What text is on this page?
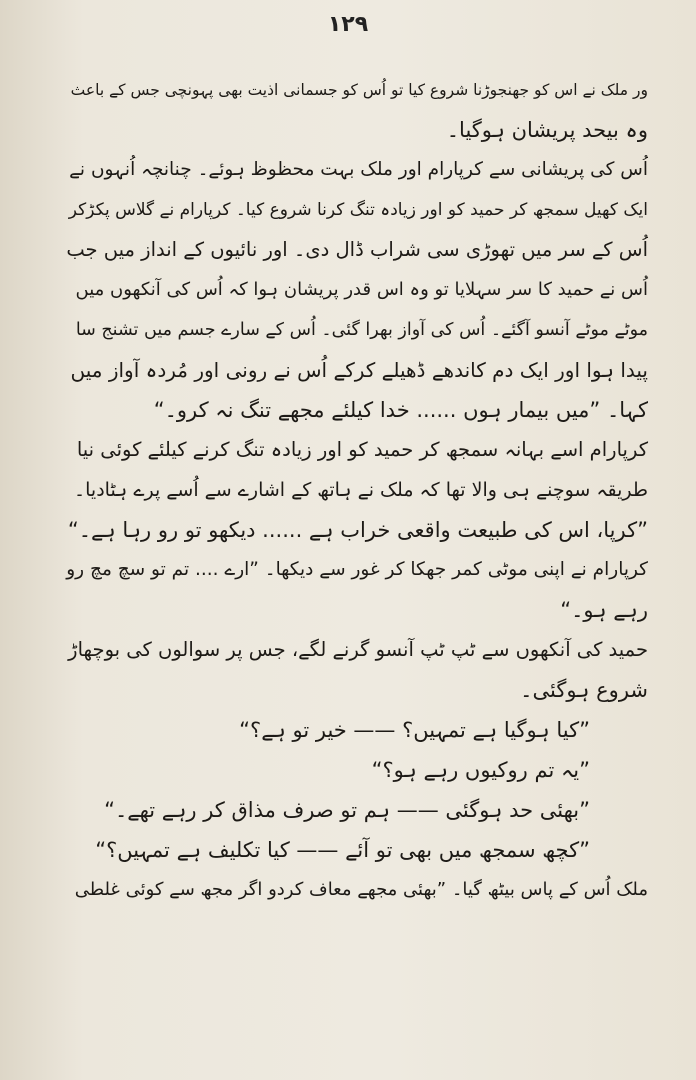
١٢٩

ور ملک نے اس کو جھنجوڑنا شروع کیا تو اُس کو جسمانی اذیت بھی پہونچی جس کے باعث
وہ بیحد پریشان ہوگیا۔

اُس کی پریشانی سے کرپارام اور ملک بہت محظوظ ہوئے۔ چنانچہ اُنہوں نے
ایک کھیل سمجھ کر حمید کو اور زیادہ تنگ کرنا شروع کیا۔ کرپارام نے گلاس پکڑکر
اُس کے سر میں تھوڑی سی شراب ڈال دی۔ اور نائیوں کے انداز میں جب
اُس نے حمید کا سر سہلایا تو وہ اس قدر پریشان ہوا کہ اُس کی آنکھوں میں
موٹے موٹے آنسو آگئے۔ اُس کی آواز بھرا گئی۔ اُس کے سارے جسم میں تشنج سا
پیدا ہوا اور ایک دم کاندھے ڈھیلے کرکے اُس نے رونی اور مُردہ آواز میں
کہا۔ ”میں بیمار ہوں ...... خدا کیلئے مجھے تنگ نہ کرو۔“

کرپارام اسے بہانہ سمجھ کر حمید کو اور زیادہ تنگ کرنے کیلئے کوئی نیا
طریقہ سوچنے ہی والا تھا کہ ملک نے ہاتھ کے اشارے سے اُسے پرے ہٹادیا۔
”کرپا، اس کی طبیعت واقعی خراب ہے ...... دیکھو تو رو رہا ہے۔“

کرپارام نے اپنی موٹی کمر جھکا کر غور سے دیکھا۔ ”ارے .... تم تو سچ مچ رو
رہے ہو۔“

حمید کی آنکھوں سے ٹپ ٹپ آنسو گرنے لگے، جس پر سوالوں کی بوچھاڑ
شروع ہوگئی۔

”کیا ہوگیا ہے تمہیں؟ —— خیر تو ہے؟“
”یہ تم روکیوں رہے ہو؟“
”بھئی حد ہوگئی —— ہم تو صرف مذاق کر رہے تھے۔“
”کچھ سمجھ میں بھی تو آئے —— کیا تکلیف ہے تمہیں؟“

ملک اُس کے پاس بیٹھ گیا۔ ”بھئی مجھے معاف کردو اگر مجھ سے کوئی غلطی
